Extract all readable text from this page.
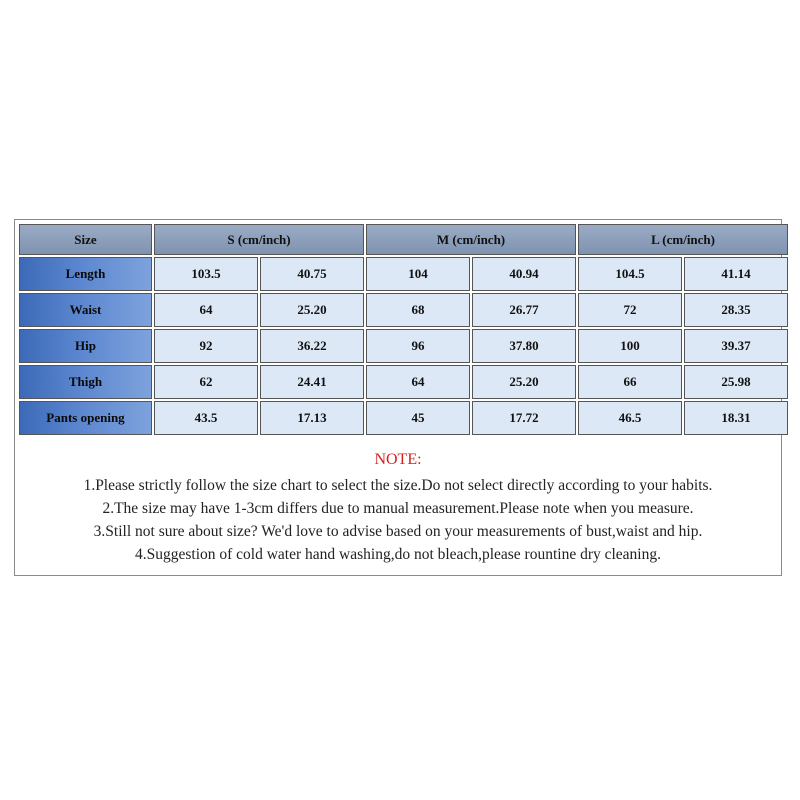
Size	S (cm/inch)		M (cm/inch)		L (cm/inch)	
Length	103.5	40.75	104	40.94	104.5	41.14
Waist	64	25.20	68	26.77	72	28.35
Hip	92	36.22	96	37.80	100	39.37
Thigh	62	24.41	64	25.20	66	25.98
Pants opening	43.5	17.13	45	17.72	46.5	18.31

NOTE:

1.Please strictly follow the size chart to select the size.Do not select directly according to your habits.

2.The size may have 1-3cm differs due to manual measurement.Please note when you measure.

3.Still not sure about size? We'd love to advise based on your measurements of bust,waist and hip.

4.Suggestion of cold water hand washing,do not bleach,please rountine dry cleaning.
